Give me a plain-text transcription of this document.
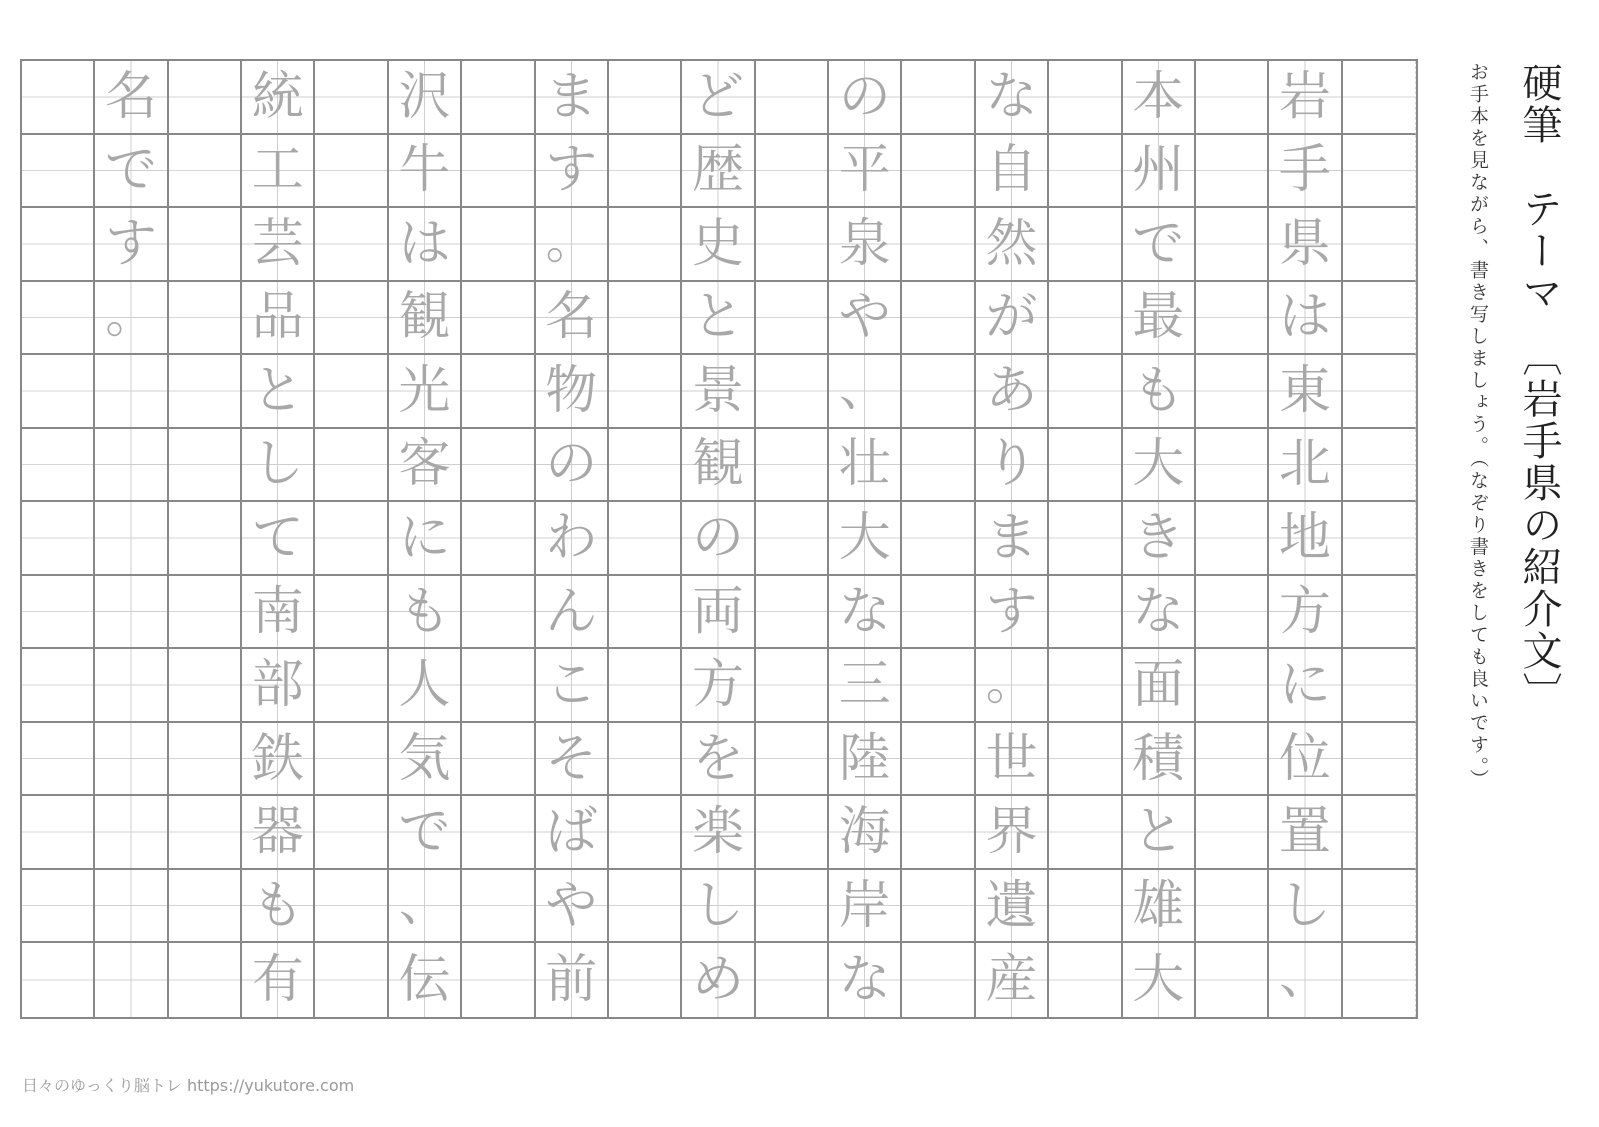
名
で
す
。
統
工
芸
品
と
し
て
南
部
鉄
器
も
有
沢
牛
は
観
光
客
に
も
人
気
で
、
伝
ま
す
。
名
物
の
わ
ん
こ
そ
ば
や
前
ど
歴
史
と
景
観
の
両
方
を
楽
し
め
の
平
泉
や
、
壮
大
な
三
陸
海
岸
な
な
自
然
が
あ
り
ま
す
。
世
界
遺
産
本
州
で
最
も
大
き
な
面
積
と
雄
大
岩
手
県
は
東
北
地
方
に
位
置
し
、
硬筆　テーマ　〔岩手県の紹介文〕
お手本を見ながら、書き写しましょう。（なぞり書きをしても良いです。）
日々のゆっくり脳トレ https://yukutore.com
